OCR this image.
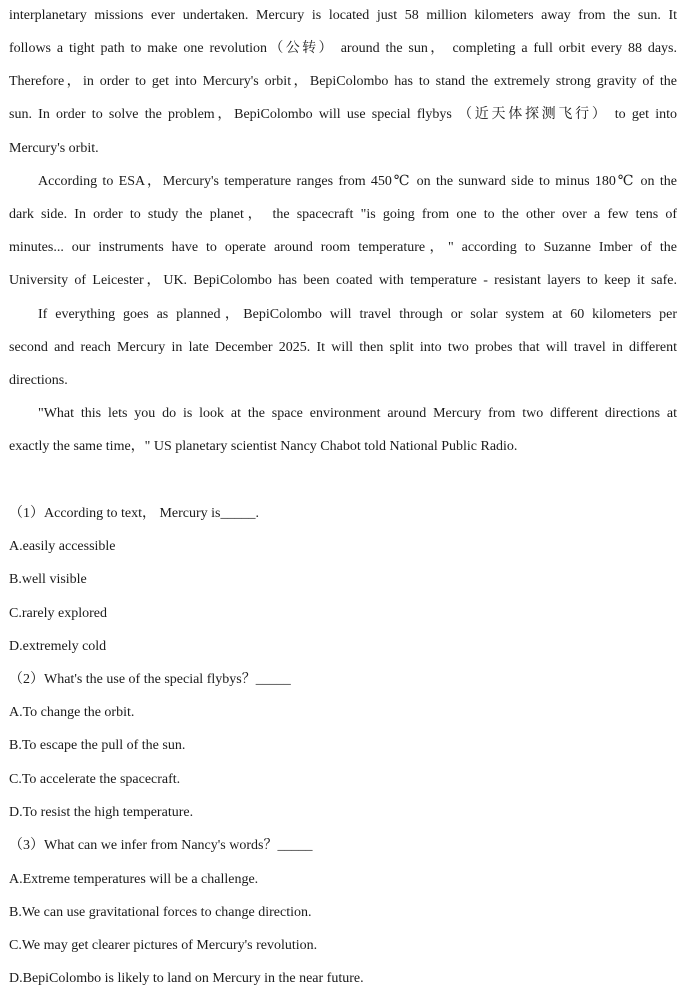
interplanetary missions ever undertaken. Mercury is located just 58 million kilometers away from the sun. It
follows a tight path to make one revolution（公转） around the sun， completing a full orbit every 88 days.
Therefore，in order to get into Mercury's orbit，BepiColombo has to stand the extremely strong gravity of the
sun. In order to solve the problem，BepiColombo will use special flybys （近天体探测飞行） to get into
Mercury's orbit.
According to ESA，Mercury's temperature ranges from 450℃ on the sunward side to minus 180℃ on the
dark side. In order to study the planet， the spacecraft "is going from one to the other over a few tens of
minutes... our instruments have to operate around room temperature，" according to Suzanne Imber of the
University of Leicester，UK. BepiColombo has been coated with temperature - resistant layers to keep it safe.
If everything goes as planned，BepiColombo will travel through or solar system at 60 kilometers per
second and reach Mercury in late December 2025. It will then split into two probes that will travel in different
directions.
"What this lets you do is look at the space environment around Mercury from two different directions at
exactly the same time，" US planetary scientist Nancy Chabot told National Public Radio.
（1）According to text， Mercury is_____.
A.easily accessible
B.well visible
C.rarely explored
D.extremely cold
（2）What's the use of the special flybys？_____
A.To change the orbit.
B.To escape the pull of the sun.
C.To accelerate the spacecraft.
D.To resist the high temperature.
（3）What can we infer from Nancy's words？_____
A.Extreme temperatures will be a challenge.
B.We can use gravitational forces to change direction.
C.We may get clearer pictures of Mercury's revolution.
D.BepiColombo is likely to land on Mercury in the near future.
